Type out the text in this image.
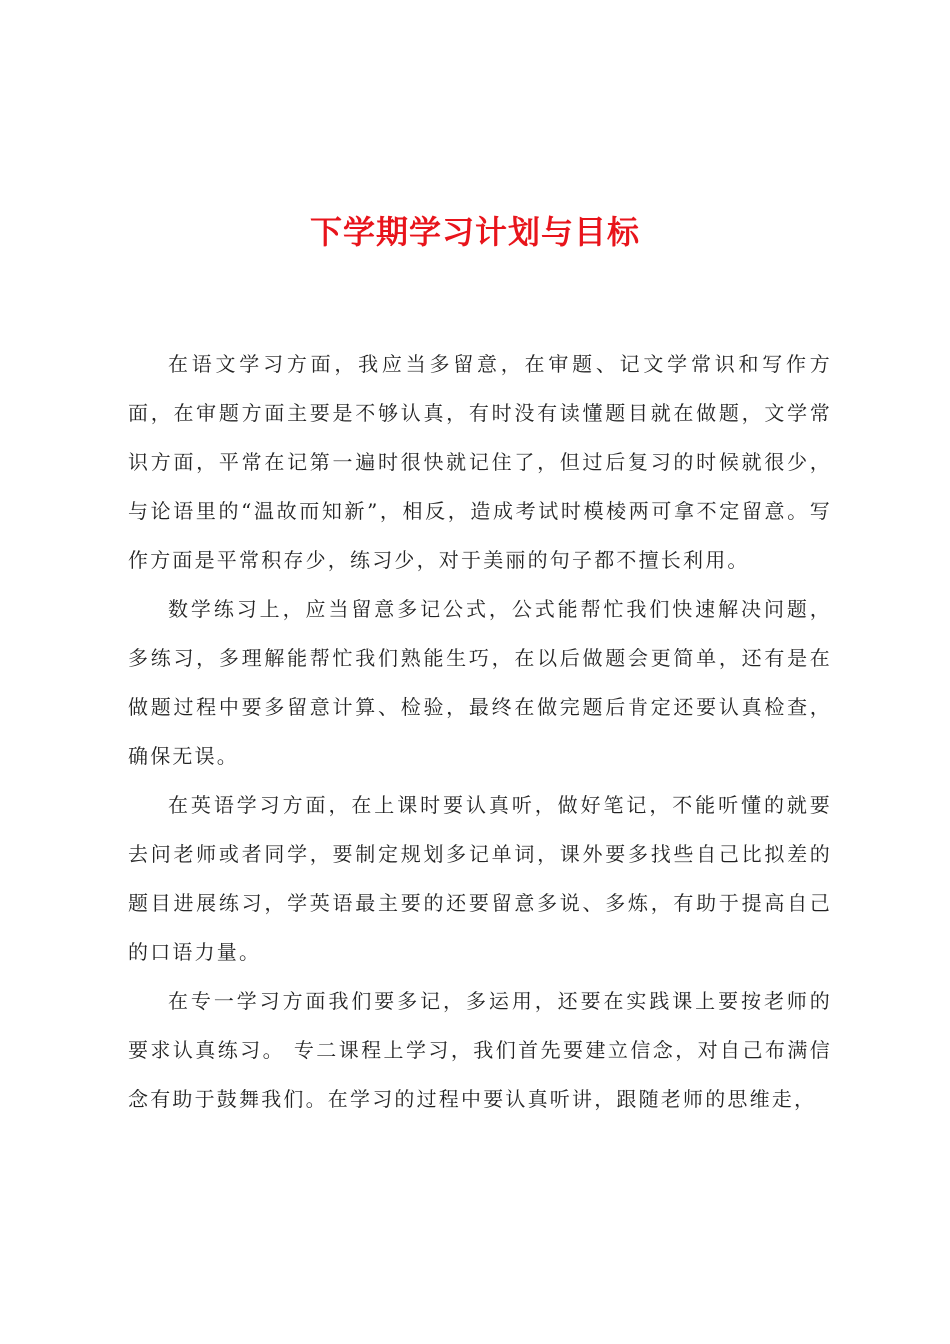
下学期学习计划与目标

在语文学习方面，我应当多留意，在审题、记文学常识和写作方面，在审题方面主要是不够认真，有时没有读懂题目就在做题，文学常识方面，平常在记第一遍时很快就记住了，但过后复习的时候就很少，与论语里的“温故而知新”，相反，造成考试时模棱两可拿不定留意。写作方面是平常积存少，练习少，对于美丽的句子都不擅长利用。

数学练习上，应当留意多记公式，公式能帮忙我们快速解决问题，多练习，多理解能帮忙我们熟能生巧，在以后做题会更简单，还有是在做题过程中要多留意计算、检验，最终在做完题后肯定还要认真检查，确保无误。

在英语学习方面，在上课时要认真听，做好笔记，不能听懂的就要去问老师或者同学，要制定规划多记单词，课外要多找些自己比拟差的题目进展练习，学英语最主要的还要留意多说、多炼，有助于提高自己的口语力量。

在专一学习方面我们要多记，多运用，还要在实践课上要按老师的要求认真练习。 专二课程上学习，我们首先要建立信念，对自己布满信念有助于鼓舞我们。在学习的过程中要认真听讲，跟随老师的思维走，
